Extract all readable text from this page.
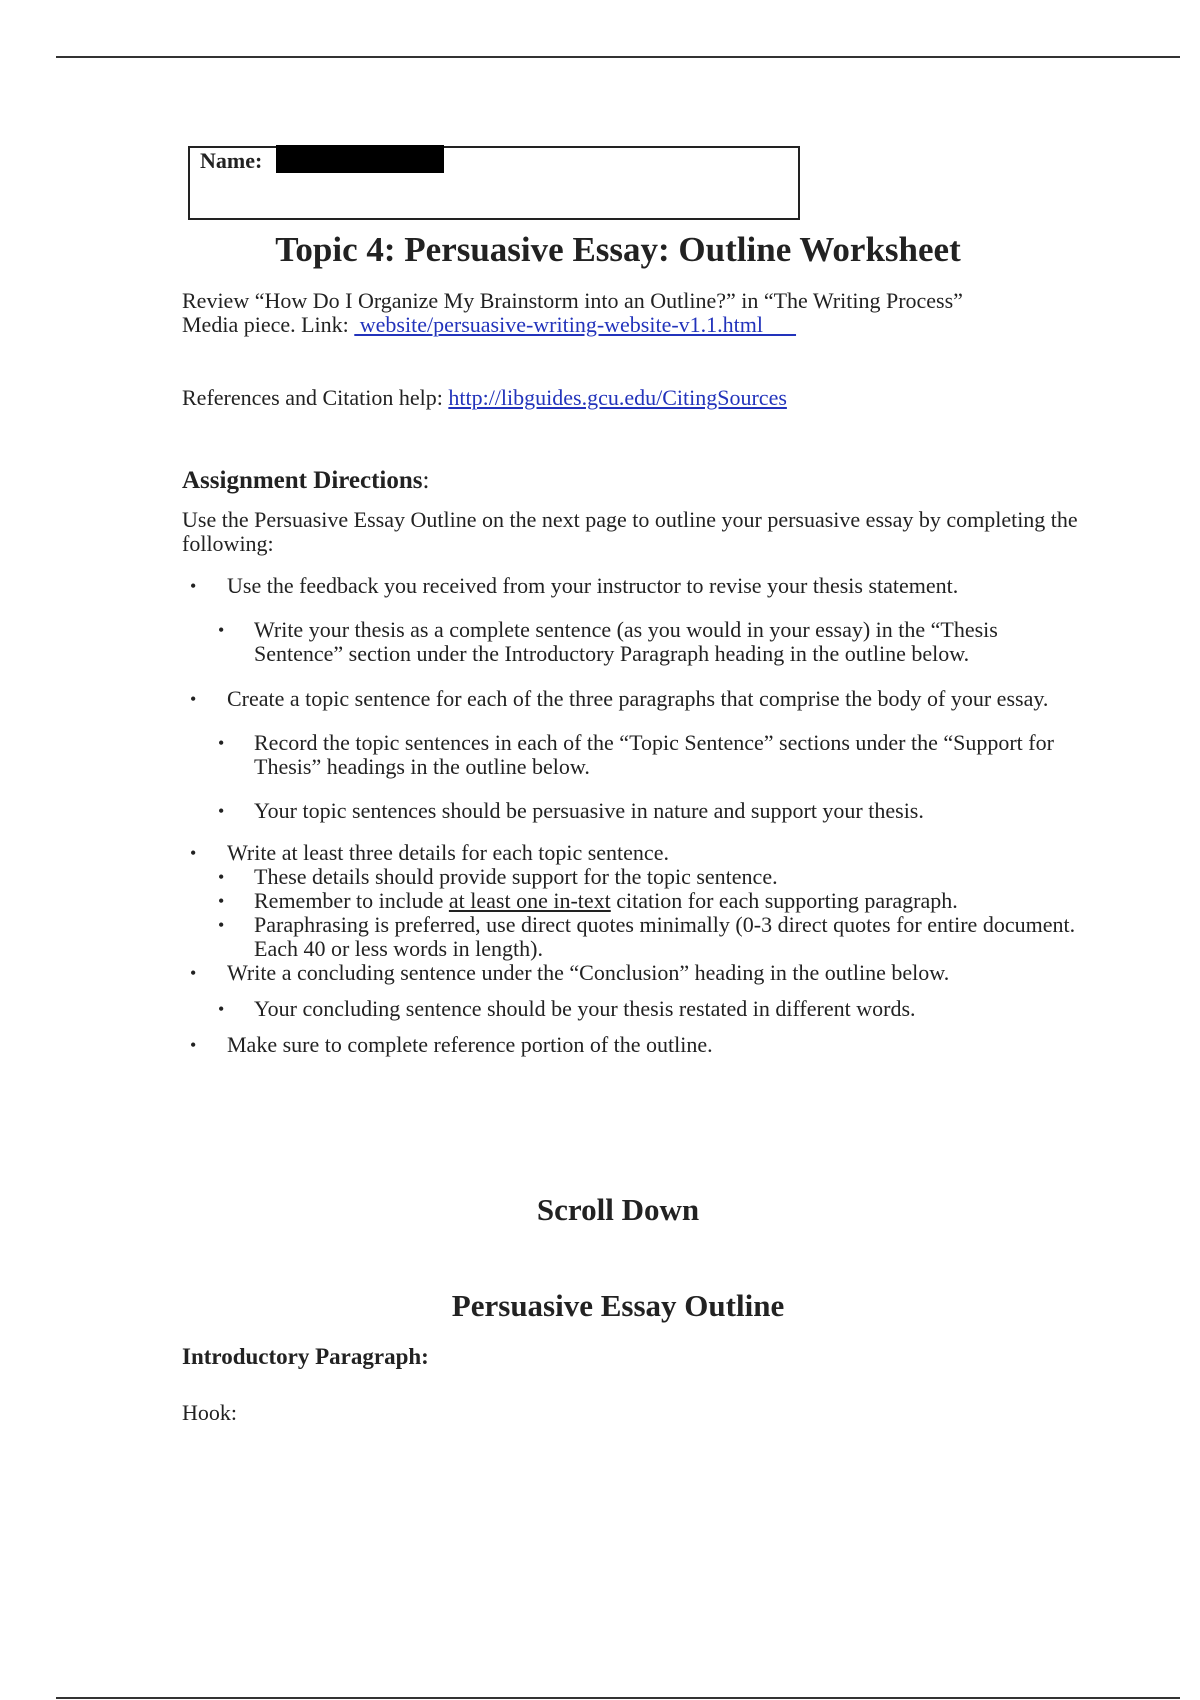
Name:
Topic 4: Persuasive Essay: Outline Worksheet

Review “How Do I Organize My Brainstorm into an Outline?” in “The Writing Process”
Media piece. Link:  website/persuasive-writing-website-v1.1.html

References and Citation help: http://libguides.gcu.edu/CitingSources

Assignment Directions:

Use the Persuasive Essay Outline on the next page to outline your persuasive essay by completing the following:

• Use the feedback you received from your instructor to revise your thesis statement.
• Write your thesis as a complete sentence (as you would in your essay) in the “Thesis Sentence” section under the Introductory Paragraph heading in the outline below.
• Create a topic sentence for each of the three paragraphs that comprise the body of your essay.
• Record the topic sentences in each of the “Topic Sentence” sections under the “Support for Thesis” headings in the outline below.
• Your topic sentences should be persuasive in nature and support your thesis.
• Write at least three details for each topic sentence.
• These details should provide support for the topic sentence.
• Remember to include at least one in-text citation for each supporting paragraph.
• Paraphrasing is preferred, use direct quotes minimally (0-3 direct quotes for entire document. Each 40 or less words in length).
• Write a concluding sentence under the “Conclusion” heading in the outline below.
• Your concluding sentence should be your thesis restated in different words.
• Make sure to complete reference portion of the outline.
Scroll Down
Persuasive Essay Outline
Introductory Paragraph:
Hook:
